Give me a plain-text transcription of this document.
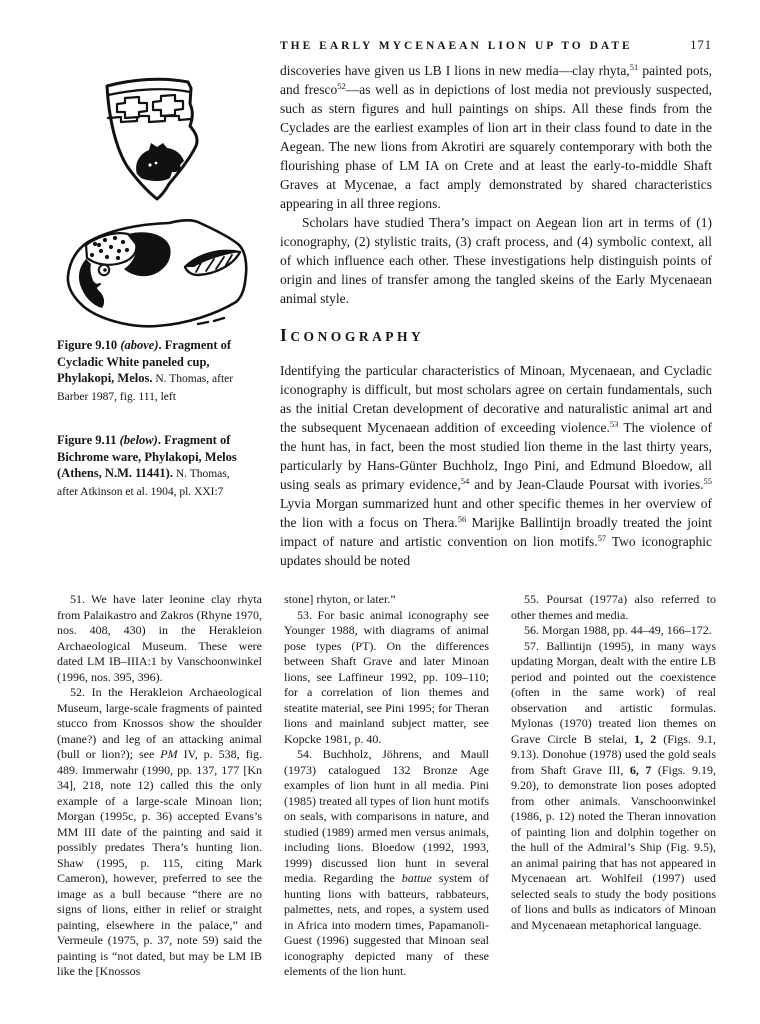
THE EARLY MYCENAEAN LION UP TO DATE	171

Figure 9.10 (above). Fragment of Cycladic White paneled cup, Phylakopi, Melos. N. Thomas, after Barber 1987, fig. 111, left

Figure 9.11 (below). Fragment of Bichrome ware, Phylakopi, Melos (Athens, N.M. 11441). N. Thomas, after Atkinson et al. 1904, pl. XXI:7

discoveries have given us LB I lions in new media—clay rhyta,$^{51}$ painted pots, and fresco$^{52}$—as well as in depictions of lost media not previously suspected, such as stern figures and hull paintings on ships. All these finds from the Cyclades are the earliest examples of lion art in their class found to date in the Aegean. The new lions from Akrotiri are squarely contemporary with both the flourishing phase of LM IA on Crete and at least the early-to-middle Shaft Graves at Mycenae, a fact amply demonstrated by shared characteristics appearing in all three regions.

Scholars have studied Thera’s impact on Aegean lion art in terms of (1) iconography, (2) stylistic traits, (3) craft process, and (4) symbolic context, all of which influence each other. These investigations help distinguish points of origin and lines of transfer among the tangled skeins of the Early Mycenaean animal style.

ICONOGRAPHY

Identifying the particular characteristics of Minoan, Mycenaean, and Cycladic iconography is difficult, but most scholars agree on certain fundamentals, such as the initial Cretan development of decorative and naturalistic animal art and the subsequent Mycenaean addition of exceeding violence.$^{53}$ The violence of the hunt has, in fact, been the most studied lion theme in the last thirty years, particularly by Hans-Günter Buchholz, Ingo Pini, and Edmund Bloedow, all using seals as primary evidence,$^{54}$ and by Jean-Claude Poursat with ivories.$^{55}$ Lyvia Morgan summarized hunt and other specific themes in her overview of the lion with a focus on Thera.$^{56}$ Marijke Ballintijn broadly treated the joint impact of nature and artistic convention on lion motifs.$^{57}$ Two iconographic updates should be noted

51. We have later leonine clay rhyta from Palaikastro and Zakros (Rhyne 1970, nos. 408, 430) in the Herakleion Archaeological Museum. These were dated LM IB–IIIA:1 by Vanschoonwinkel (1996, nos. 395, 396).

52. In the Herakleion Archaeological Museum, large-scale fragments of painted stucco from Knossos show the shoulder (mane?) and leg of an attacking animal (bull or lion?); see PM IV, p. 538, fig. 489. Immerwahr (1990, pp. 137, 177 [Kn 34], 218, note 12) called this the only example of a large-scale Minoan lion; Morgan (1995c, p. 36) accepted Evans’s MM III date of the painting and said it possibly predates Thera’s hunting lion. Shaw (1995, p. 115, citing Mark Cameron), however, preferred to see the image as a bull because “there are no signs of lions, either in relief or straight painting, elsewhere in the palace,” and Vermeule (1975, p. 37, note 59) said the painting is “not dated, but may be LM IB like the [Knossos

stone] rhyton, or later.”

53. For basic animal iconography see Younger 1988, with diagrams of animal pose types (PT). On the differences between Shaft Grave and later Minoan lions, see Laffineur 1992, pp. 109–110; for a correlation of lion themes and steatite material, see Pini 1995; for Theran lions and mainland subject matter, see Kopcke 1981, p. 40.

54. Buchholz, Jöhrens, and Maull (1973) catalogued 132 Bronze Age examples of lion hunt in all media. Pini (1985) treated all types of lion hunt motifs on seals, with comparisons in nature, and studied (1989) armed men versus animals, including lions. Bloedow (1992, 1993, 1999) discussed lion hunt in several media. Regarding the battue system of hunting lions with batteurs, rabbateurs, palmettes, nets, and ropes, a system used in Africa into modern times, Papamanoli-Guest (1996) suggested that Minoan seal iconography depicted many of these elements of the lion hunt.

55. Poursat (1977a) also referred to other themes and media.

56. Morgan 1988, pp. 44–49, 166–172.

57. Ballintijn (1995), in many ways updating Morgan, dealt with the entire LB period and pointed out the coexistence (often in the same work) of real observation and artistic formulas. Mylonas (1970) treated lion themes on Grave Circle B stelai, 1, 2 (Figs. 9.1, 9.13). Donohue (1978) used the gold seals from Shaft Grave III, 6, 7 (Figs. 9.19, 9.20), to demonstrate lion poses adopted from other animals. Vanschoonwinkel (1986, p. 12) noted the Theran innovation of painting lion and dolphin together on the hull of the Admiral’s Ship (Fig. 9.5), an animal pairing that has not appeared in Mycenaean art. Wohlfeil (1997) used selected seals to study the body positions of lions and bulls as indicators of Minoan and Mycenaean metaphorical language.
